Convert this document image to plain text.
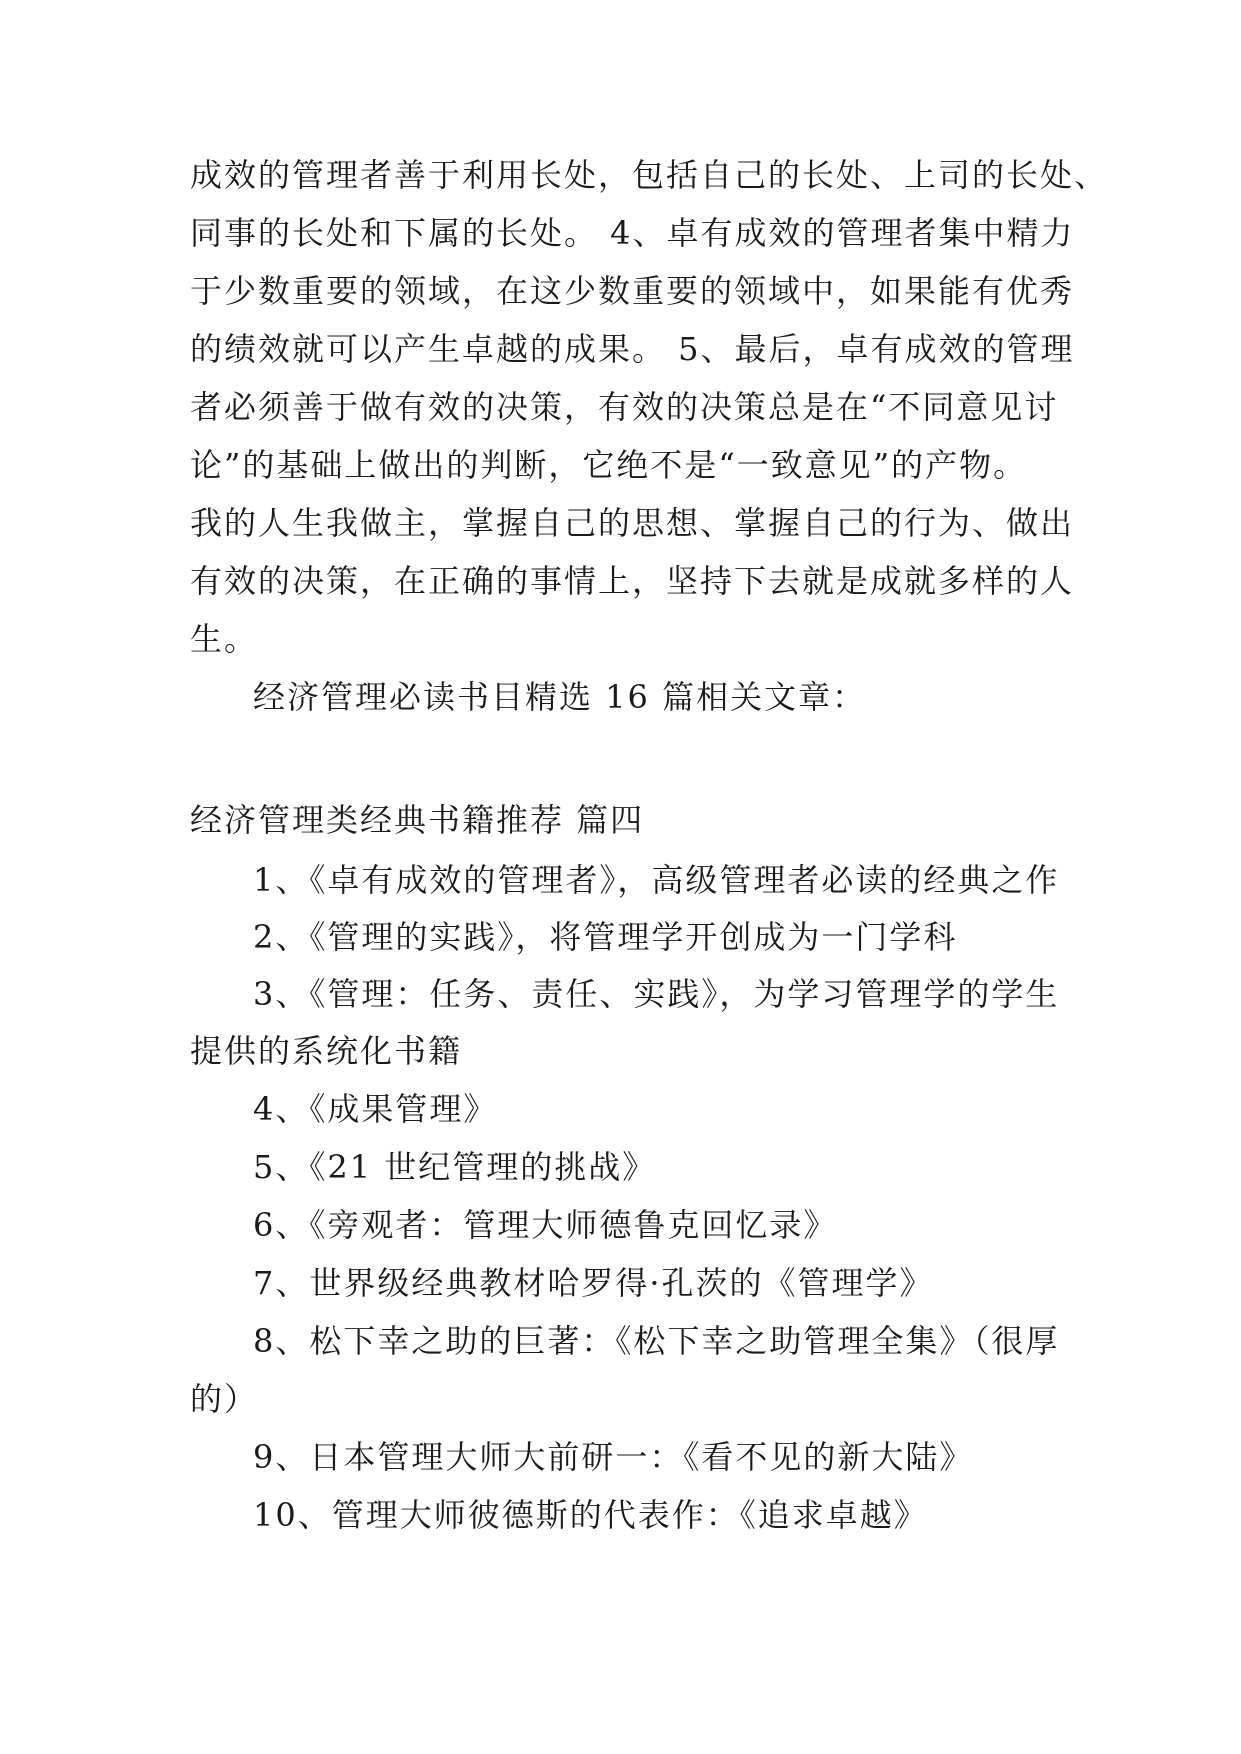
成效的管理者善于利用长处，包括自己的长处、上司的长处、

同事的长处和下属的长处。 4、卓有成效的管理者集中精力

于少数重要的领域，在这少数重要的领域中，如果能有优秀

的绩效就可以产生卓越的成果。 5、最后，卓有成效的管理

者必须善于做有效的决策，有效的决策总是在“不同意见讨

论”的基础上做出的判断，它绝不是“一致意见”的产物。

我的人生我做主，掌握自己的思想、掌握自己的行为、做出

有效的决策，在正确的事情上，坚持下去就是成就多样的人

生。

经济管理必读书目精选 16 篇相关文章：

经济管理类经典书籍推荐 篇四

1、《卓有成效的管理者》，高级管理者必读的经典之作

2、《管理的实践》，将管理学开创成为一门学科

3、《管理：任务、责任、实践》，为学习管理学的学生

提供的系统化书籍

4、《成果管理》

5、《21 世纪管理的挑战》

6、《旁观者：管理大师德鲁克回忆录》

7、世界级经典教材哈罗得·孔茨的《管理学》

8、松下幸之助的巨著：《松下幸之助管理全集》（很厚

的）

9、日本管理大师大前研一：《看不见的新大陆》

10、管理大师彼德斯的代表作：《追求卓越》
